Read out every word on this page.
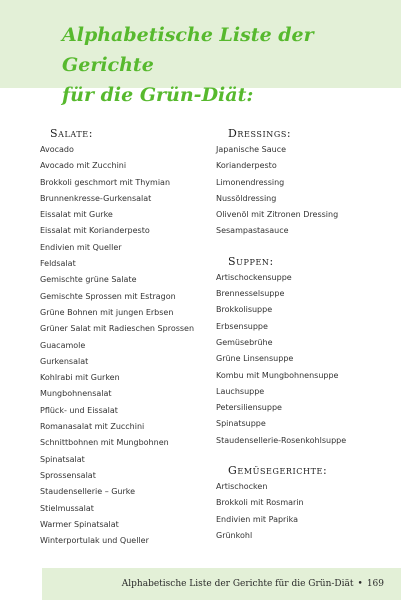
Alphabetische Liste der Gerichte
für die Grün-Diät:
Salate:
Avocado
Avocado mit Zucchini
Brokkoli geschmort mit Thymian
Brunnenkresse-Gurkensalat
Eissalat mit Gurke
Eissalat mit Korianderpesto
Endivien mit Queller
Feldsalat
Gemischte grüne Salate
Gemischte Sprossen mit Estragon
Grüne Bohnen mit jungen Erbsen
Grüner Salat mit Radieschen Sprossen
Guacamole
Gurkensalat
Kohlrabi mit Gurken
Mungbohnensalat
Pflück- und Eissalat
Romanasalat mit Zucchini
Schnittbohnen mit Mungbohnen
Spinatsalat
Sprossensalat
Staudensellerie – Gurke
Stielmussalat
Warmer Spinatsalat
Winterportulak und Queller
Dressings:
Japanische Sauce
Korianderpesto
Limonendressing
Nussöldressing
Olivenöl mit Zitronen Dressing
Sesampastasauce
Suppen:
Artischockensuppe
Brennesselsuppe
Brokkolisuppe
Erbsensuppe
Gemüsebrühe
Grüne Linsensuppe
Kombu mit Mungbohnensuppe
Lauchsuppe
Petersiliensuppe
Spinatsuppe
Staudensellerie-Rosenkohlsuppe
Gemüsegerichte:
Artischocken
Brokkoli mit Rosmarin
Endivien mit Paprika
Grünkohl
Alphabetische Liste der Gerichte für die Grün-Diät • 169
